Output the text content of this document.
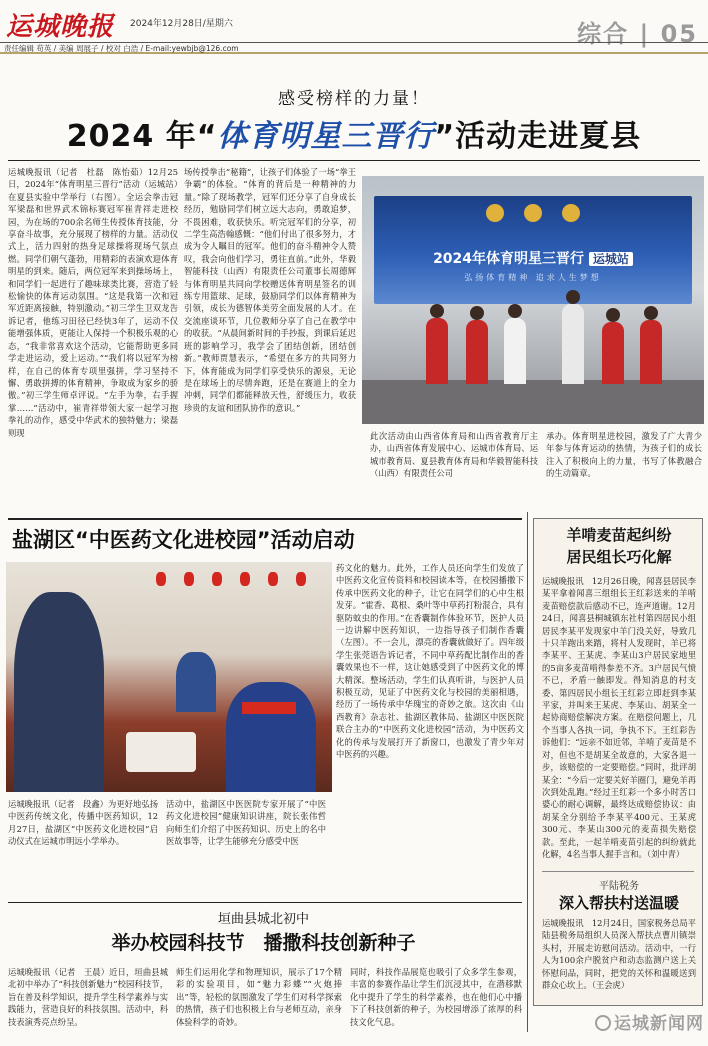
运城晚报 2024年12月28日/星期六	综合 | 05
责任编辑 苟英 / 美编 周展子 / 校对 白浩 / E-mail:yewbjb@126.com
感受榜样的力量！
2024 年“体育明星三晋行”活动走进夏县
运城晚报讯（记者　杜磊　陈怡茹）12月25日，2024年“体育明星三晋行”活动（运城站）在夏县实验中学举行（右图）。全运会拳击冠军梁磊和世界武术锦标赛冠军崔青祥走进校园，为在场的700余名师生传授体育技能，分享奋斗故事，充分展现了榜样的力量。活动仪式上，活力四射的热身足球操将现场气氛点燃。同学们朝气蓬勃，用精彩的表演欢迎体育明星的到来。随后，两位冠军来到操场场上，和同学们一起进行了趣味球类比赛，营造了轻松愉快的体育运动氛围。“这是我第一次和冠军近距离接触，特别激动。”初三学生卫双龙告诉记者，他练习田径已经快3年了，运动不仅能增强体质，更能让人保持一个积极乐观的心态，“我非常喜欢这个活动，它能帮助更多同学走进运动，爱上运动。”“我们将以冠军为榜样，在自己的体育专项里强拼，学习坚持不懈、勇敢拼搏的体育精神，争取成为家乡的骄傲。”初三学生师卓评说。“左手为拳，右手握掌……”活动中，崔青祥带领大家一起学习抱拳礼的动作，感受中华武术的独特魅力；梁磊则现
场传授拳击“秘籍”，让孩子们体验了一场“拳王争霸”的体验。“体育的背后是一种精神的力量。”除了现场教学，冠军们还分享了自身成长经历，勉励同学们树立远大志向，勇敢追梦，不畏困难，收获快乐。听完冠军们的分享，初二学生高浩翰感慨：“他们付出了很多努力，才成为令人瞩目的冠军。他们的奋斗精神令人赞叹，我会向他们学习，勇往直前。”此外，华毅智能科技（山西）有限责任公司董事长周德辉与体育明星共同向学校赠送体育明星签名的训练专用篮球、足球，鼓励同学们以体育精神为引领，成长为德智体美劳全面发展的人才。在交流座谈环节，几位教师分享了自己在教学中的收获。“从晨间新时间的手抄报，到课后延迟班的影响学习，我学会了团结创新，团结创新。”教师贾慧表示，“希望在多方的共同努力下，体育能成为同学们享受快乐的源泉，无论是在球场上的尽情奔跑，还是在赛道上的全力冲刺，同学们都能释放天性，舒缓压力，收获珍贵的友谊和团队协作的意识。”
2024年体育明星三晋行 运城站
弘扬体育精神 追求人生梦想
此次活动由山西省体育局和山西省教育厅主办，山西省体育发展中心、运城市体育局、运城市教育局、夏县教育体育局和华毅智能科技（山西）有限责任公司
承办。体育明星进校园，激发了广大青少年参与体育运动的热情，为孩子们的成长注入了积极向上的力量，书写了体教融合的生动篇章。
盐湖区“中医药文化进校园”活动启动
药文化的魅力。此外，工作人员还向学生们发放了中医药文化宣传资料和校园读本等，在校园播撒下传承中医药文化的种子，让它在同学们的心中生根发芽。“霍香、葛根、桑叶等中草药打粉混合，具有驱防蚊虫的作用。”在香囊制作体验环节，医护人员一边讲解中医药知识，一边指导孩子们制作香囊（左图）。不一会儿，漂亮的香囊就做好了。四年级学生张莞语告诉记者，不同中草药配比制作出的香囊效果也不一样，这让她感受到了中医药文化的博大精深。整场活动，学生们认真听讲，与医护人员积极互动，见证了中医药文化与校园的美丽相遇，经历了一场传承中华瑰宝的奇妙之旅。这次由《山西教育》杂志社、盐湖区教体局、盐湖区中医医院联合主办的“中医药文化进校园”活动，为中医药文化的传承与发展打开了新窗口，也激发了青少年对中医药的兴趣。
运城晚报讯（记者　段鑫）为更好地弘扬中医药传统文化，传播中医药知识，12月27日，盐湖区“中医药文化进校园”启动仪式在运城市明远小学举办。
活动中，盐湖区中医医院专家开展了“中医药文化进校园”健康知识讲座，院长张伟哲向师生们介绍了中医药知识、历史上的名中医故事等，让学生能够充分感受中医
羊啃麦苗起纠纷
居民组长巧化解
运城晚报讯　12月26日晚，闻喜县居民李某平拿着闻喜三组组长王红彩送来的羊啃麦苗赔偿款后感动不已，连声道谢。12月24日，闻喜县桐城镇东社村第四居民小组居民李某平发现家中羊门没关好，导致几十只羊跑出来踏，将村人发现时，羊已将李某平、王某虎、李某山3户居民家地里的5亩多麦苗啃得参差不齐。3户居民气愤不已，矛盾一触即发。得知消息的村支委、第四居民小组长王红彩立即赶到李某平家，并叫来王某虎、李某山、胡某全一起协商赔偿解决方案。在赔偿问题上，几个当事人各执一词，争执不下。王红彩告诉他们：“远亲不如近邻，羊啃了麦苗是不对，但也不是胡某全故意的，大家各退一步，该赔偿的一定要赔偿。”同时，批评胡某全：“今后一定要关好羊圈门，避免羊再次到处乱跑。”经过王红彩一个多小时苦口婆心的耐心调解，最终达成赔偿协议：由胡某全分别给予李某平400元、王某虎300元、李某山300元的麦苗损失赔偿款。至此，一起羊啃麦苗引起的纠纷就此化解，4名当事人握手言和。（刘中青）
平陆税务
深入帮扶村送温暖
运城晚报讯　12月24日，国家税务总局平陆县税务局组织人员深入帮扶点曹川镇崇头村，开展走访慰问活动。活动中，一行人为100余户脱贫户和动态监测户送上关怀慰问品，同时，把党的关怀和温暖送到群众心坎上。（王会虎）
垣曲县城北初中
举办校园科技节　播撒科技创新种子
运城晚报讯（记者　王晨）近日，垣曲县城北初中举办了“科技创新魅力”校园科技节，旨在普及科学知识，提升学生科学素养与实践能力，营造良好的科技氛围。活动中，科技表演秀亮点纷呈。
师生们运用化学和物理知识，展示了17个精彩的实验项目，如“魅力彩蝶”“火炮捧出”等，轻松的氛围激发了学生们对科学探索的热情，孩子们也积极上台与老师互动，亲身体验科学的奇妙。
同时，科技作品展览也吸引了众多学生参观，丰富的参赛作品让学生们沉浸其中，在潜移默化中提升了学生的科学素养，也在他们心中播下了科技创新的种子，为校园增添了浓厚的科技文化气息。	运城新闻网
